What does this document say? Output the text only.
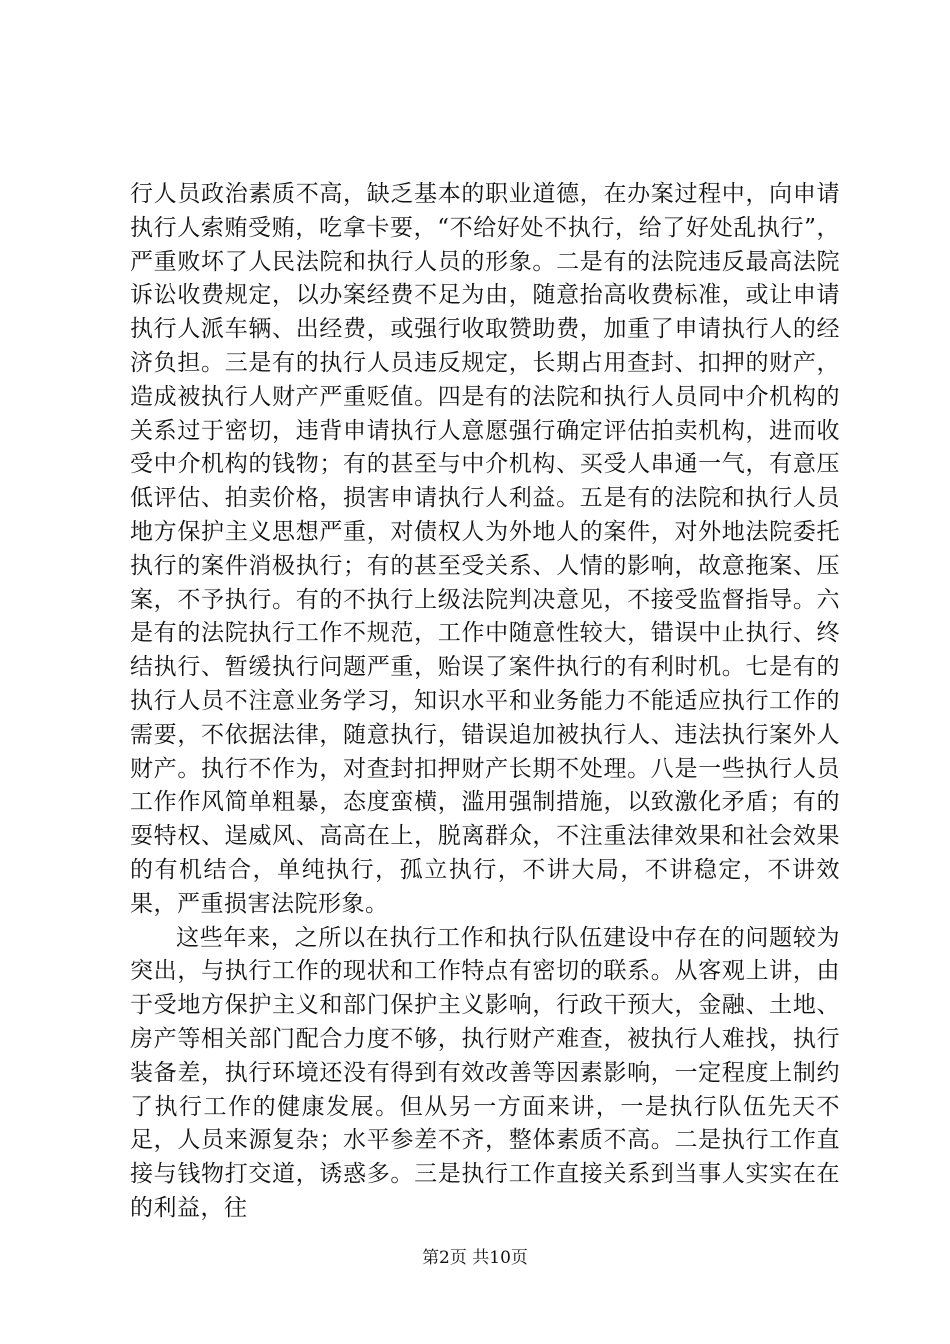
行人员政治素质不高，缺乏基本的职业道德，在办案过程中，向申请执行人索贿受贿，吃拿卡要，“不给好处不执行，给了好处乱执行”，严重败坏了人民法院和执行人员的形象。二是有的法院违反最高法院诉讼收费规定，以办案经费不足为由，随意抬高收费标准，或让申请执行人派车辆、出经费，或强行收取赞助费，加重了申请执行人的经济负担。三是有的执行人员违反规定，长期占用查封、扣押的财产，造成被执行人财产严重贬值。四是有的法院和执行人员同中介机构的关系过于密切，违背申请执行人意愿强行确定评估拍卖机构，进而收受中介机构的钱物；有的甚至与中介机构、买受人串通一气，有意压低评估、拍卖价格，损害申请执行人利益。五是有的法院和执行人员地方保护主义思想严重，对债权人为外地人的案件，对外地法院委托执行的案件消极执行；有的甚至受关系、人情的影响，故意拖案、压案，不予执行。有的不执行上级法院判决意见，不接受监督指导。六是有的法院执行工作不规范，工作中随意性较大，错误中止执行、终结执行、暂缓执行问题严重，贻误了案件执行的有利时机。七是有的执行人员不注意业务学习，知识水平和业务能力不能适应执行工作的需要，不依据法律，随意执行，错误追加被执行人、违法执行案外人财产。执行不作为，对查封扣押财产长期不处理。八是一些执行人员工作作风简单粗暴，态度蛮横，滥用强制措施，以致激化矛盾；有的耍特权、逞威风、高高在上，脱离群众，不注重法律效果和社会效果的有机结合，单纯执行，孤立执行，不讲大局，不讲稳定，不讲效果，严重损害法院形象。

这些年来，之所以在执行工作和执行队伍建设中存在的问题较为突出，与执行工作的现状和工作特点有密切的联系。从客观上讲，由于受地方保护主义和部门保护主义影响，行政干预大，金融、土地、房产等相关部门配合力度不够，执行财产难查，被执行人难找，执行装备差，执行环境还没有得到有效改善等因素影响，一定程度上制约了执行工作的健康发展。但从另一方面来讲，一是执行队伍先天不足，人员来源复杂；水平参差不齐，整体素质不高。二是执行工作直接与钱物打交道，诱惑多。三是执行工作直接关系到当事人实实在在的利益，往

第2页 共10页
